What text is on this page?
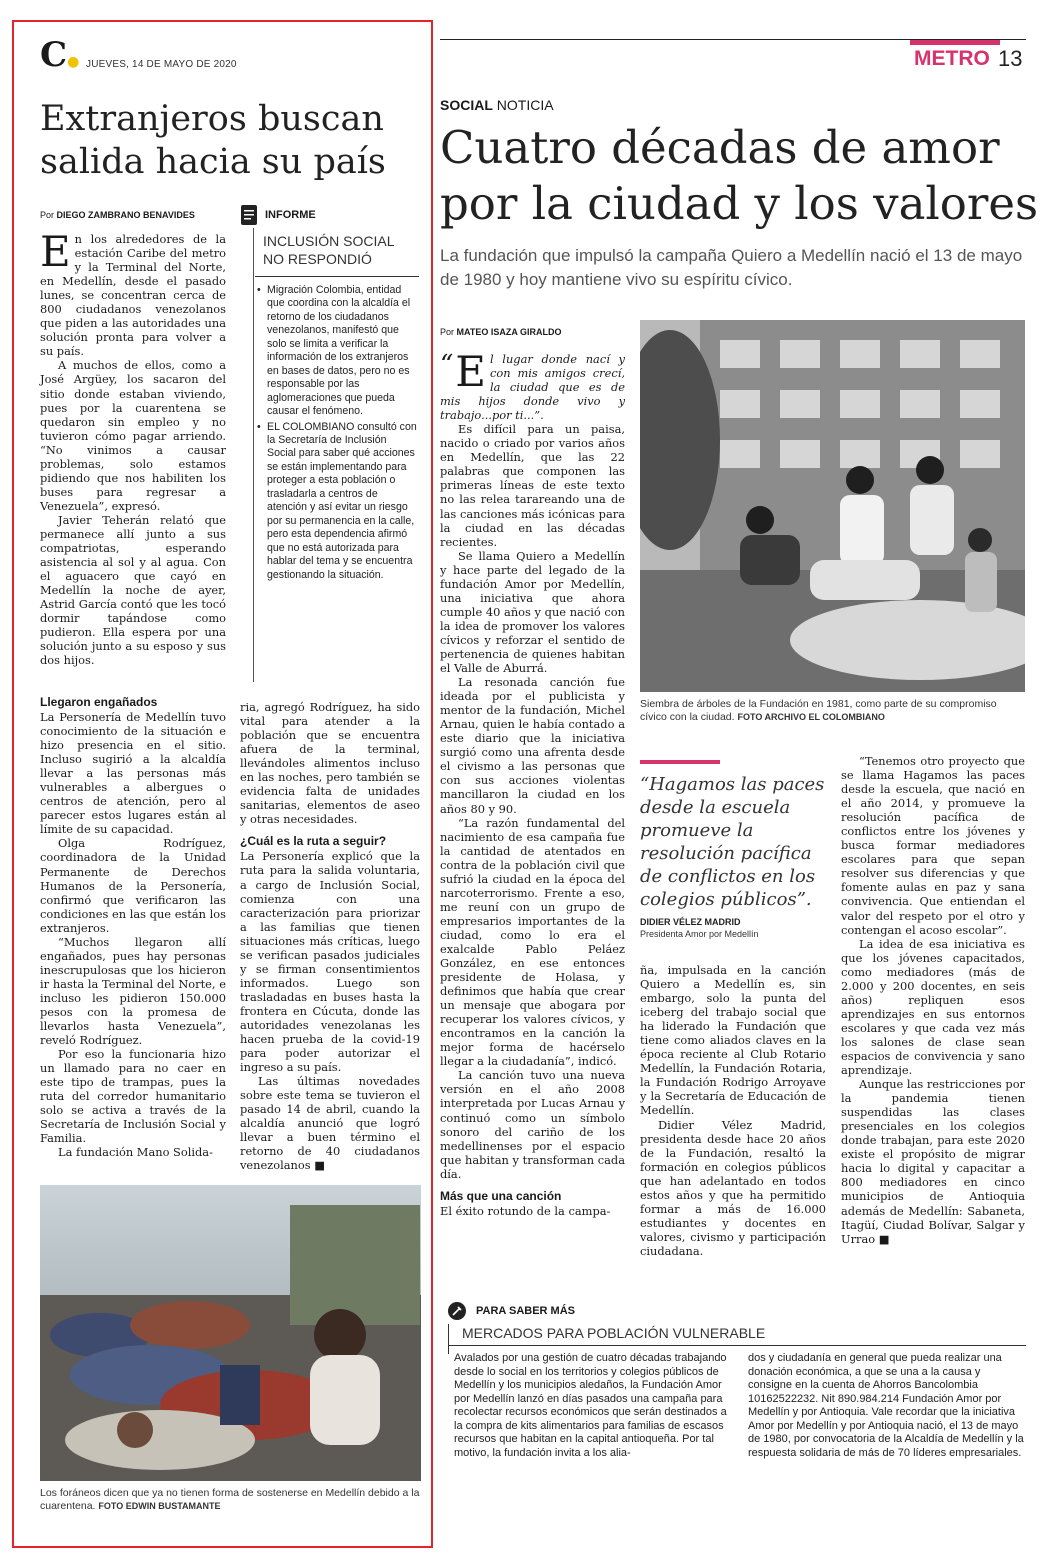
C● JUEVES, 14 DE MAYO DE 2020	METRO 13
Extranjeros buscan salida hacia su país
Por DIEGO ZAMBRANO BENAVIDES

En los alrededores de la estación Caribe del metro y la Terminal del Norte, en Medellín, desde el pasado lunes, se concentran cerca de 800 ciudadanos venezolanos que piden a las autoridades una solución pronta para volver a su país.

A muchos de ellos, como a José Argüey, los sacaron del sitio donde estaban viviendo, pues por la cuarentena se quedaron sin empleo y no tuvieron cómo pagar arriendo. “No vinimos a causar problemas, solo estamos pidiendo que nos habiliten los buses para regresar a Venezuela”, expresó.

Javier Teherán relató que permanece allí junto a sus compatriotas, esperando asistencia al sol y al agua. Con el aguacero que cayó en Medellín la noche de ayer, Astrid García contó que les tocó dormir tapándose como pudieron. Ella espera por una solución junto a su esposo y sus dos hijos.

INFORME
INCLUSIÓN SOCIAL NO RESPONDIÓ
• Migración Colombia, entidad que coordina con la alcaldía el retorno de los ciudadanos venezolanos, manifestó que solo se limita a verificar la información de los extranjeros en bases de datos, pero no es responsable por las aglomeraciones que pueda causar el fenómeno.
• EL COLOMBIANO consultó con la Secretaría de Inclusión Social para saber qué acciones se están implementando para proteger a esta población o trasladarla a centros de atención y así evitar un riesgo por su permanencia en la calle, pero esta dependencia afirmó que no está autorizada para hablar del tema y se encuentra gestionando la situación.
Llegaron engañados

La Personería de Medellín tuvo conocimiento de la situación e hizo presencia en el sitio. Incluso sugirió a la alcaldía llevar a las personas más vulnerables a albergues o centros de atención, pero al parecer estos lugares están al límite de su capacidad.

Olga Rodríguez, coordinadora de la Unidad Permanente de Derechos Humanos de la Personería, confirmó que verificaron las condiciones en las que están los extranjeros.

“Muchos llegaron allí engañados, pues hay personas inescrupulosas que los hicieron ir hasta la Terminal del Norte, e incluso les pidieron 150.000 pesos con la promesa de llevarlos hasta Venezuela”, reveló Rodríguez.

Por eso la funcionaria hizo un llamado para no caer en este tipo de trampas, pues la ruta del corredor humanitario solo se activa a través de la Secretaría de Inclusión Social y Familia.

La fundación Mano Solida-

ria, agregó Rodríguez, ha sido vital para atender a la población que se encuentra afuera de la terminal, llevándoles alimentos incluso en las noches, pero también se evidencia falta de unidades sanitarias, elementos de aseo y otras necesidades.

¿Cuál es la ruta a seguir?

La Personería explicó que la ruta para la salida voluntaria, a cargo de Inclusión Social, comienza con una caracterización para priorizar a las familias que tienen situaciones más críticas, luego se verifican pasados judiciales y se firman consentimientos informados. Luego son trasladadas en buses hasta la frontera en Cúcuta, donde las autoridades venezolanas les hacen prueba de la covid-19 para poder autorizar el ingreso a su país.

Las últimas novedades sobre este tema se tuvieron el pasado 14 de abril, cuando la alcaldía anunció que logró llevar a buen término el retorno de 40 ciudadanos venezolanos ■

Los foráneos dicen que ya no tienen forma de sostenerse en Medellín debido a la cuarentena. FOTO EDWIN BUSTAMANTE
SOCIAL NOTICIA
Cuatro décadas de amor por la ciudad y los valores
La fundación que impulsó la campaña Quiero a Medellín nació el 13 de mayo de 1980 y hoy mantiene vivo su espíritu cívico.
Por MATEO ISAZA GIRALDO

“ E l lugar donde nací y con mis amigos crecí, la ciudad que es de mis hijos donde vivo y trabajo...por ti...”.

Es difícil para un paisa, nacido o criado por varios años en Medellín, que las 22 palabras que componen las primeras líneas de este texto no las relea tarareando una de las canciones más icónicas para la ciudad en las décadas recientes.

Se llama Quiero a Medellín y hace parte del legado de la fundación Amor por Medellín, una iniciativa que ahora cumple 40 años y que nació con la idea de promover los valores cívicos y reforzar el sentido de pertenencia de quienes habitan el Valle de Aburrá.

La resonada canción fue ideada por el publicista y mentor de la fundación, Michel Arnau, quien le había contado a este diario que la iniciativa surgió como una afrenta desde el civismo a las personas que con sus acciones violentas mancillaron la ciudad en los años 80 y 90.

“La razón fundamental del nacimiento de esa campaña fue la cantidad de atentados en contra de la población civil que sufrió la ciudad en la época del narcoterrorismo. Frente a eso, me reuní con un grupo de empresarios importantes de la ciudad, como lo era el exalcalde Pablo Peláez González, en ese entonces presidente de Holasa, y definimos que había que crear un mensaje que abogara por recuperar los valores cívicos, y encontramos en la canción la mejor forma de hacérselo llegar a la ciudadanía”, indicó.

La canción tuvo una nueva versión en el año 2008 interpretada por Lucas Arnau y continuó como un símbolo sonoro del cariño de los medellinenses por el espacio que habitan y transforman cada día.

Más que una canción

El éxito rotundo de la campa-

Siembra de árboles de la Fundación en 1981, como parte de su compromiso cívico con la ciudad. FOTO ARCHIVO EL COLOMBIANO
“Hagamos las paces desde la escuela promueve la resolución pacífica de conflictos en los colegios públicos”.
DIDIER VÉLEZ MADRID
Presidenta Amor por Medellín

ña, impulsada en la canción Quiero a Medellín es, sin embargo, solo la punta del iceberg del trabajo social que ha liderado la Fundación que tiene como aliados claves en la época reciente al Club Rotario Medellín, la Fundación Rotaria, la Fundación Rodrigo Arroyave y la Secretaría de Educación de Medellín.

Didier Vélez Madrid, presidenta desde hace 20 años de la Fundación, resaltó la formación en colegios públicos que han adelantado en todos estos años y que ha permitido formar a más de 16.000 estudiantes y docentes en valores, civismo y participación ciudadana.

“Tenemos otro proyecto que se llama Hagamos las paces desde la escuela, que nació en el año 2014, y promueve la resolución pacífica de conflictos entre los jóvenes y busca formar mediadores escolares para que sepan resolver sus diferencias y que fomente aulas en paz y sana convivencia. Que entiendan el valor del respeto por el otro y contengan el acoso escolar”.

La idea de esa iniciativa es que los jóvenes capacitados, como mediadores (más de 2.000 y 200 docentes, en seis años) repliquen esos aprendizajes en sus entornos escolares y que cada vez más los salones de clase sean espacios de convivencia y sano aprendizaje.

Aunque las restricciones por la pandemia tienen suspendidas las clases presenciales en los colegios donde trabajan, para este 2020 existe el propósito de migrar hacia lo digital y capacitar a 800 mediadores en cinco municipios de Antioquia además de Medellín: Sabaneta, Itagüí, Ciudad Bolívar, Salgar y Urrao ■

PARA SABER MÁS
MERCADOS PARA POBLACIÓN VULNERABLE
Avalados por una gestión de cuatro décadas trabajando desde lo social en los territorios y colegios públicos de Medellín y los municipios aledaños, la Fundación Amor por Medellín lanzó en días pasados una campaña para recolectar recursos económicos que serán destinados a la compra de kits alimentarios para familias de escasos recursos que habitan en la capital antioqueña. Por tal motivo, la fundación invita a los alia-
dos y ciudadanía en general que pueda realizar una donación económica, a que se una a la causa y consigne en la cuenta de Ahorros Bancolombia 10162522232. Nit 890.984.214 Fundación Amor por Medellín y por Antioquia. Vale recordar que la iniciativa Amor por Medellín y por Antioquia nació, el 13 de mayo de 1980, por convocatoria de la Alcaldía de Medellín y la respuesta solidaria de más de 70 líderes empresariales.
